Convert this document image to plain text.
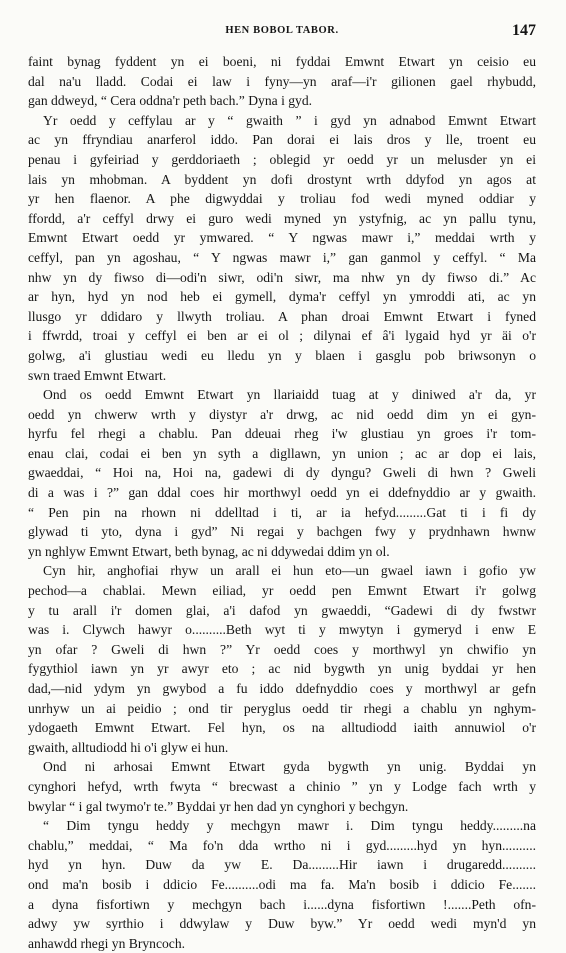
HEN BOBOL TABOR.	147
faint bynag fyddent yn ei boeni, ni fyddai Emwnt Etwart yn ceisio eu
dal na'u lladd. Codai ei law i fyny—yn araf—i'r gilionen gael rhybudd,
gan ddweyd, “ Cera oddna'r peth bach.” Dyna i gyd.
Yr oedd y ceffylau ar y “ gwaith ” i gyd yn adnabod Emwnt Etwart
ac yn ffryndiau anarferol iddo. Pan dorai ei lais dros y lle, troent eu
penau i gyfeiriad y gerddoriaeth ; oblegid yr oedd yr un melusder yn ei
lais yn mhobman. A byddent yn dofi drostynt wrth ddyfod yn agos at
yr hen flaenor. A phe digwyddai y troliau fod wedi myned oddiar y
ffordd, a'r ceffyl drwy ei guro wedi myned yn ystyfnig, ac yn pallu tynu,
Emwnt Etwart oedd yr ymwared. “ Y ngwas mawr i,” meddai wrth y
ceffyl, pan yn agoshau, “ Y ngwas mawr i,” gan ganmol y ceffyl. “ Ma
nhw yn dy fiwso di—odi'n siwr, odi'n siwr, ma nhw yn dy fiwso di.” Ac
ar hyn, hyd yn nod heb ei gymell, dyma'r ceffyl yn ymroddi ati, ac yn
llusgo yr ddidaro y llwyth troliau. A phan droai Emwnt Etwart i fyned
i ffwrdd, troai y ceffyl ei ben ar ei ol ; dilynai ef â'i lygaid hyd yr äi o'r
golwg, a'i glustiau wedi eu lledu yn y blaen i gasglu pob briwsonyn o
swn traed Emwnt Etwart.
Ond os oedd Emwnt Etwart yn llariaidd tuag at y diniwed a'r da, yr
oedd yn chwerw wrth y diystyr a'r drwg, ac nid oedd dim yn ei gyn-
hyrfu fel rhegi a chablu. Pan ddeuai rheg i'w glustiau yn groes i'r tom-
enau clai, codai ei ben yn syth a digllawn, yn union ; ac ar dop ei lais,
gwaeddai, “ Hoi na, Hoi na, gadewi di dy dyngu? Gweli di hwn ? Gweli
di a was i ?” gan ddal coes hir morthwyl oedd yn ei ddefnyddio ar y gwaith.
“ Pen pin na rhown ni ddelltad i ti, ar ia hefyd.........Gat ti i fi dy
glywad ti yto, dyna i gyd” Ni regai y bachgen fwy y prydnhawn hwnw
yn nghlyw Emwnt Etwart, beth bynag, ac ni ddywedai ddim yn ol.
Cyn hir, anghofiai rhyw un arall ei hun eto—un gwael iawn i gofio yw
pechod—a chablai. Mewn eiliad, yr oedd pen Emwnt Etwart i'r golwg
y tu arall i'r domen glai, a'i dafod yn gwaeddi, “Gadewi di dy fwstwr
was i. Clywch hawyr o..........Beth wyt ti y mwytyn i gymeryd i enw E
yn ofar ? Gweli di hwn ?” Yr oedd coes y morthwyl yn chwifio yn
fygythiol iawn yn yr awyr eto ; ac nid bygwth yn unig byddai yr hen
dad,—nid ydym yn gwybod a fu iddo ddefnyddio coes y morthwyl ar gefn
unrhyw un ai peidio ; ond tir peryglus oedd tir rhegi a chablu yn nghym-
ydogaeth Emwnt Etwart. Fel hyn, os na alltudiodd iaith annuwiol o'r
gwaith, alltudiodd hi o'i glyw ei hun.
Ond ni arhosai Emwnt Etwart gyda bygwth yn unig. Byddai yn
cynghori hefyd, wrth fwyta “ brecwast a chinio ” yn y Lodge fach wrth y
bwylar “ i gal twymo'r te.” Byddai yr hen dad yn cynghori y bechgyn.
“ Dim tyngu heddy y mechgyn mawr i. Dim tyngu heddy.........na
chablu,” meddai, “ Ma fo'n dda wrtho ni i gyd.........hyd yn hyn..........
hyd yn hyn. Duw da yw E. Da.........Hir iawn i drugaredd..........
ond ma'n bosib i ddicio Fe..........odi ma fa. Ma'n bosib i ddicio Fe.......
a dyna fisfortiwn y mechgyn bach i......dyna fisfortiwn !.......Peth ofn-
adwy yw syrthio i ddwylaw y Duw byw.” Yr oedd wedi myn'd yn
anhawdd rhegi yn Bryncoch.
